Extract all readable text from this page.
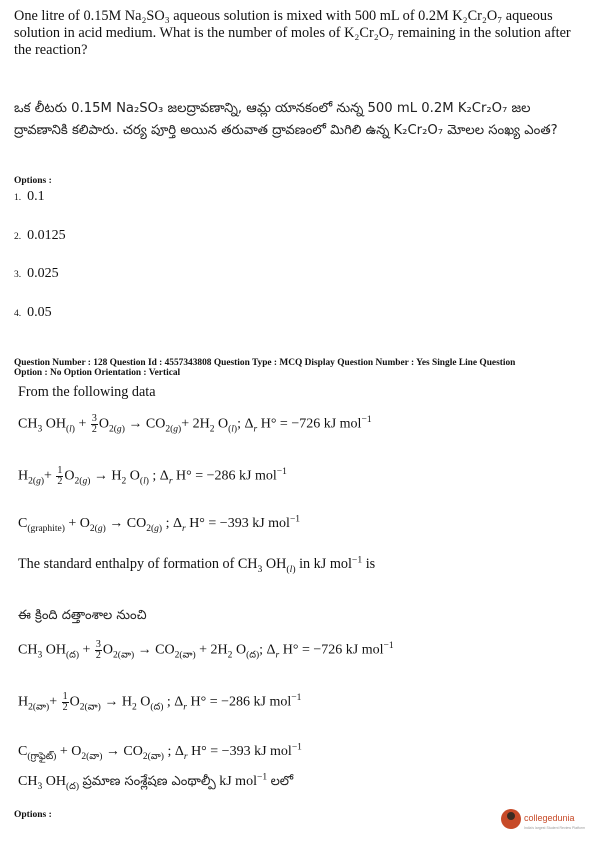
One litre of 0.15M Na₂SO₃ aqueous solution is mixed with 500 mL of 0.2M K₂Cr₂O₇ aqueous solution in acid medium. What is the number of moles of K₂Cr₂O₇ remaining in the solution after the reaction?
ఒక లీటరు 0.15M Na₂SO₃ జలద్రావణాన్ని, ఆమ్ల యానకంలో నున్న 500 mL 0.2M K₂Cr₂O₇ జల ద్రావణానికి కలిపారు. చర్య పూర్తి అయిన తరువాత ద్రావణంలో మిగిలి ఉన్న K₂Cr₂O₇ మోలల సంఖ్య ఎంత?
Options :
1. 0.1
2. 0.0125
3. 0.025
4. 0.05
Question Number : 128 Question Id : 4557343808 Question Type : MCQ Display Question Number : Yes Single Line Question
Option : No Option Orientation : Vertical
From the following data
$CH_3$ $OH_{(l)} + \frac{3}{2} O_{2(g)} \to CO_{2(g)}+ 2H_2$ $O_{(l)}$; $\Delta_r$ H° = −726 kJ mol$^{-1}$
$H_{2(g)}+ \frac{1}{2} O_{2(g)} \to H_2$ $O_{(l)}$ ; $\Delta_r$ H° = −286 kJ mol$^{-1}$
$C_{(graphite)} + O_{2(g)} \to CO_{2(g)}$ ; $\Delta_r$ H° = −393 kJ mol$^{-1}$
The standard enthalpy of formation of $CH_3$ $OH_{(l)}$ in kJ mol$^{-1}$ is
ఈ క్రింది దత్తాంశాల నుంచి
$CH_3$ $OH_{(ద)} + \frac{3}{2} O_{2(వా)} \to CO_{2(వా)} + 2H_2$ $O_{(ద)}$; $\Delta_r$ H° = −726 kJ mol$^{-1}$
$H_{2(వా)}+ \frac{1}{2} O_{2(వా)} \to H_2$ $O_{(ద)}$ ; $\Delta_r$ H° = −286 kJ mol$^{-1}$
$C_{(గ్రాఫైట్)} + O_{2(వా)} \to CO_{2(వా)}$ ; $\Delta_r$ H° = −393 kJ mol$^{-1}$
$CH_3$ $OH_{(ద)}$ ప్రమాణ సంశ్లేషణ ఎంథాల్పీ kJ mol$^{-1}$ లలో
Options :	collegedunia
India's largest Student Review Platform
